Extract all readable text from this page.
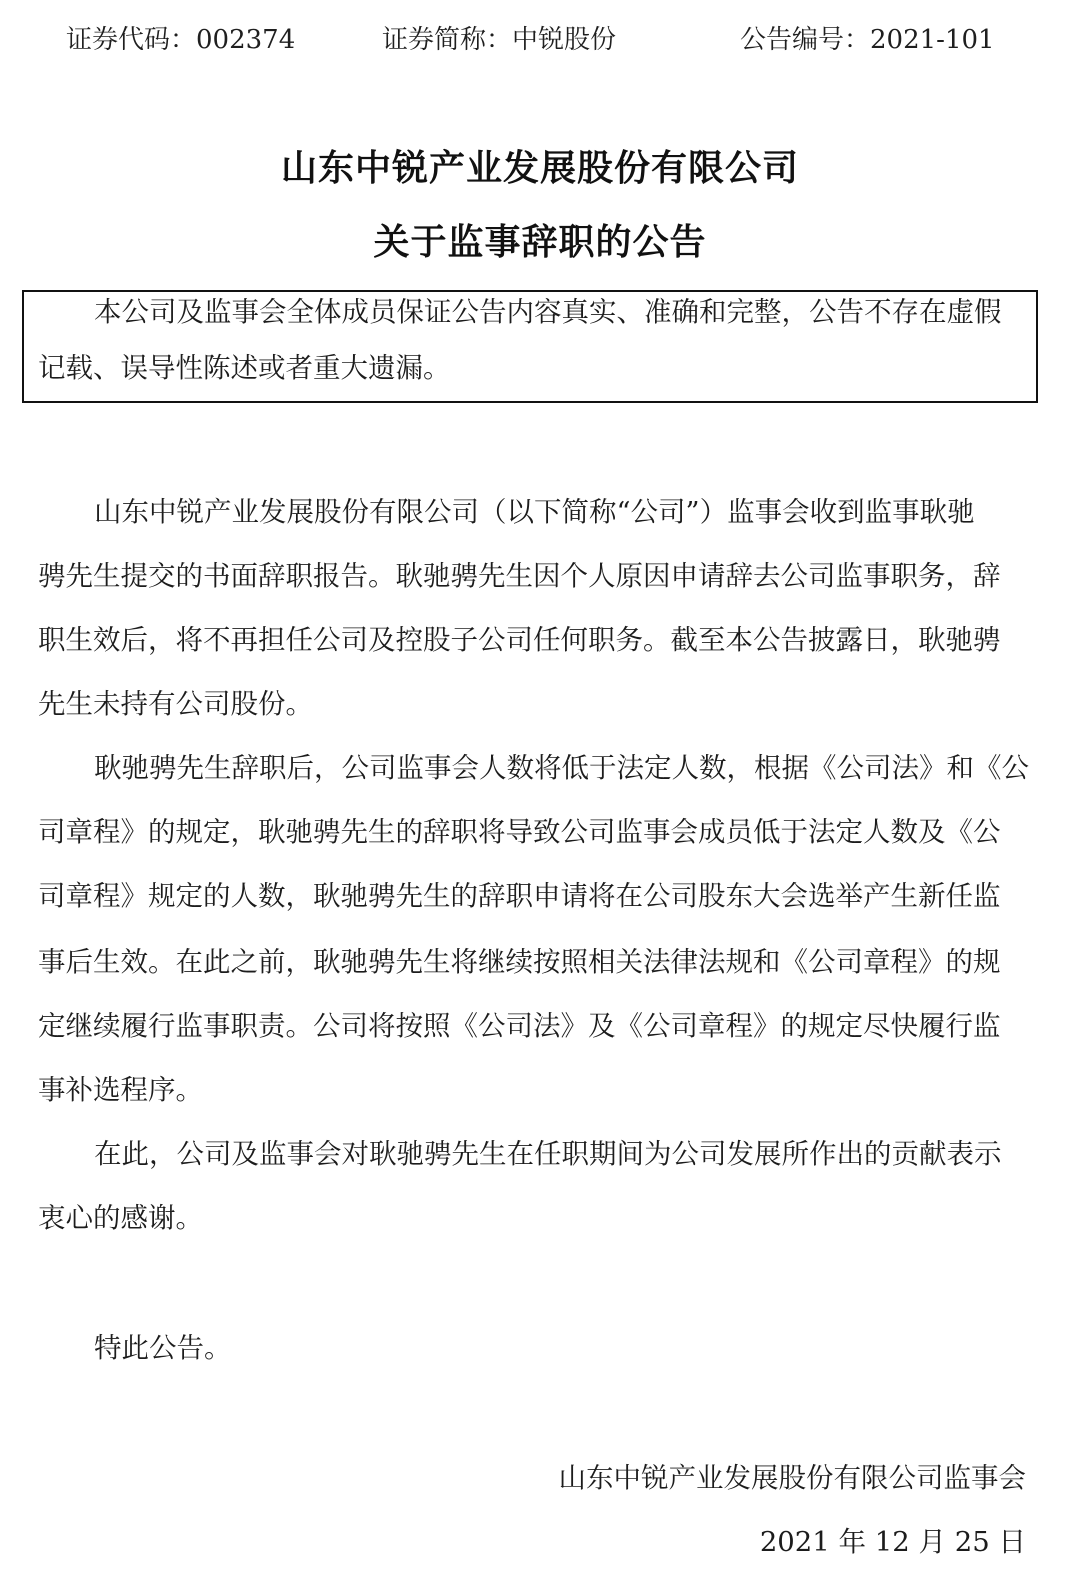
证券代码：002374	证券简称：中锐股份	公告编号：2021-101
山东中锐产业发展股份有限公司
关于监事辞职的公告
本公司及监事会全体成员保证公告内容真实、准确和完整，公告不存在虚假
记载、误导性陈述或者重大遗漏。
山东中锐产业发展股份有限公司（以下简称“公司”）监事会收到监事耿驰
骋先生提交的书面辞职报告。耿驰骋先生因个人原因申请辞去公司监事职务，辞
职生效后，将不再担任公司及控股子公司任何职务。截至本公告披露日，耿驰骋
先生未持有公司股份。
耿驰骋先生辞职后，公司监事会人数将低于法定人数，根据《公司法》和《公
司章程》的规定，耿驰骋先生的辞职将导致公司监事会成员低于法定人数及《公
司章程》规定的人数，耿驰骋先生的辞职申请将在公司股东大会选举产生新任监
事后生效。在此之前，耿驰骋先生将继续按照相关法律法规和《公司章程》的规
定继续履行监事职责。公司将按照《公司法》及《公司章程》的规定尽快履行监
事补选程序。
在此，公司及监事会对耿驰骋先生在任职期间为公司发展所作出的贡献表示
衷心的感谢。
特此公告。
山东中锐产业发展股份有限公司监事会
2021 年 12 月 25 日
